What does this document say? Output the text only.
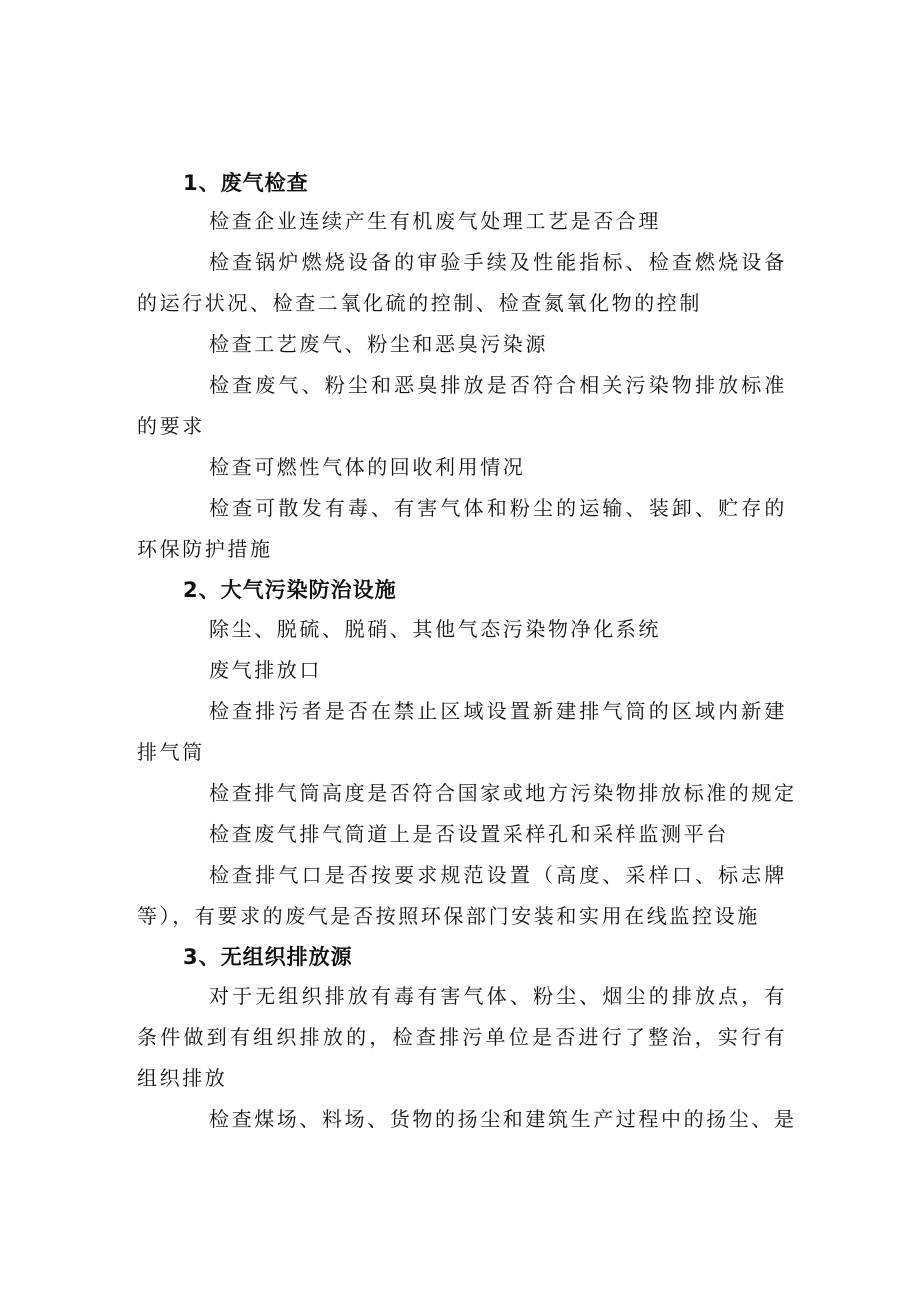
1、废气检查
检查企业连续产生有机废气处理工艺是否合理
检查锅炉燃烧设备的审验手续及性能指标、检查燃烧设备的运行状况、检查二氧化硫的控制、检查氮氧化物的控制
检查工艺废气、粉尘和恶臭污染源
检查废气、粉尘和恶臭排放是否符合相关污染物排放标准的要求
检查可燃性气体的回收利用情况
检查可散发有毒、有害气体和粉尘的运输、装卸、贮存的环保防护措施
2、大气污染防治设施
除尘、脱硫、脱硝、其他气态污染物净化系统
废气排放口
检查排污者是否在禁止区域设置新建排气筒的区域内新建排气筒
检查排气筒高度是否符合国家或地方污染物排放标准的规定
检查废气排气筒道上是否设置采样孔和采样监测平台
检查排气口是否按要求规范设置（高度、采样口、标志牌等），有要求的废气是否按照环保部门安装和实用在线监控设施
3、无组织排放源
对于无组织排放有毒有害气体、粉尘、烟尘的排放点，有条件做到有组织排放的，检查排污单位是否进行了整治，实行有组织排放
检查煤场、料场、货物的扬尘和建筑生产过程中的扬尘、是
